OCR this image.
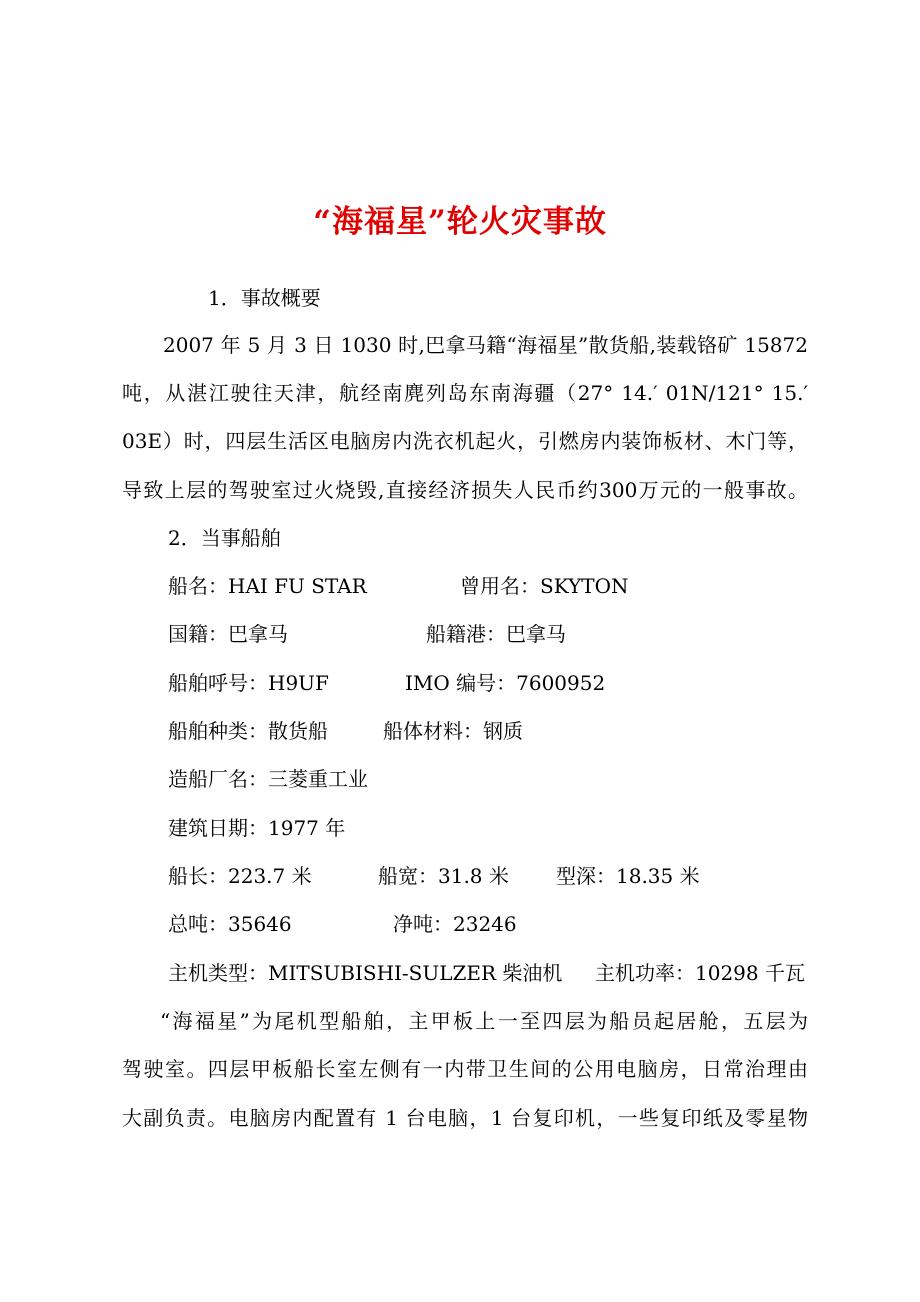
“海福星”轮火灾事故
1．事故概要
2007 年 5 月 3 日 1030 时,巴拿马籍“海福星”散货船,装载铬矿 15872
吨，从湛江驶往天津，航经南麂列岛东南海疆（27° 14.′ 01N/121° 15.′
03E）时，四层生活区电脑房内洗衣机起火，引燃房内装饰板材、木门等，
导致上层的驾驶室过火烧毁,直接经济损失人民币约300万元的一般事故。
2．当事船舶
船名：HAI FU STAR	曾用名：SKYTON
国籍：巴拿马	船籍港：巴拿马
船舶呼号：H9UF	IMO 编号：7600952
船舶种类：散货船	船体材料：钢质
造船厂名：三菱重工业
建筑日期：1977 年
船长：223.7 米	船宽：31.8 米 型深：18.35 米
总吨：35646	净吨：23246
主机类型：MITSUBISHI-SULZER 柴油机 主机功率：10298 千瓦
“海福星”为尾机型船舶，主甲板上一至四层为船员起居舱，五层为
驾驶室。四层甲板船长室左侧有一内带卫生间的公用电脑房，日常治理由
大副负责。电脑房内配置有 1 台电脑，1 台复印机，一些复印纸及零星物
